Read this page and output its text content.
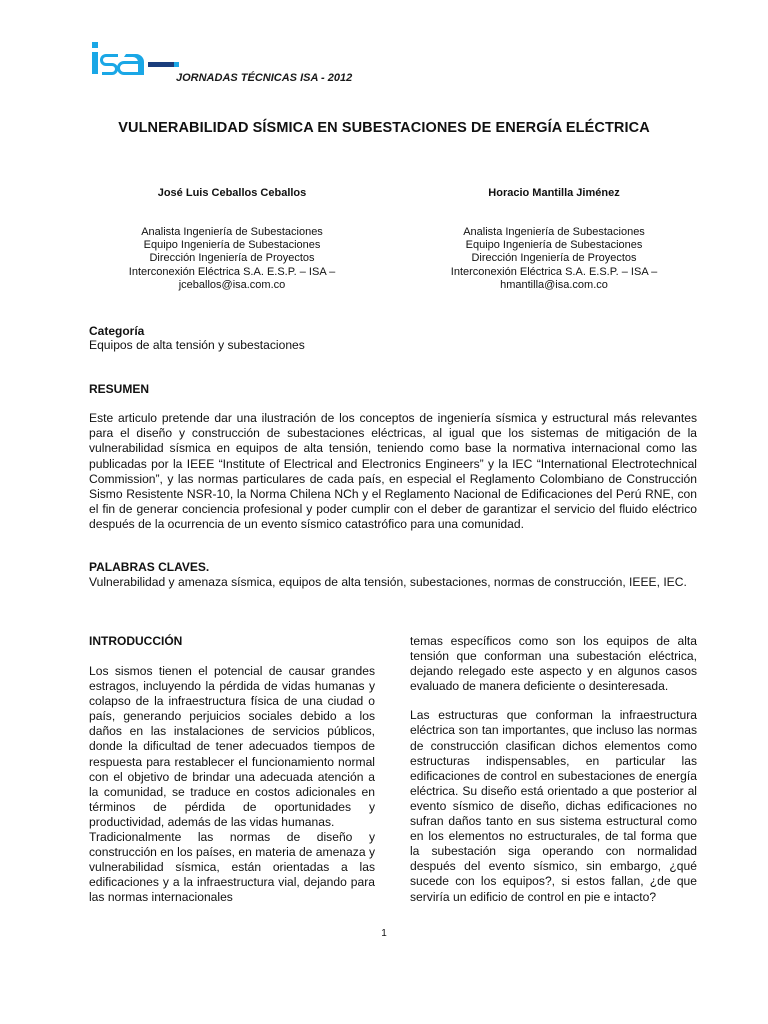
JORNADAS TÉCNICAS ISA - 2012
VULNERABILIDAD SÍSMICA EN SUBESTACIONES DE ENERGÍA ELÉCTRICA
José Luis Ceballos Ceballos
Analista Ingeniería de Subestaciones
Equipo Ingeniería de Subestaciones
Dirección Ingeniería de Proyectos
Interconexión Eléctrica S.A. E.S.P. – ISA –
jceballos@isa.com.co
Horacio Mantilla Jiménez
Analista Ingeniería de Subestaciones
Equipo Ingeniería de Subestaciones
Dirección Ingeniería de Proyectos
Interconexión Eléctrica S.A. E.S.P. – ISA –
hmantilla@isa.com.co
Categoría
Equipos de alta tensión y subestaciones
RESUMEN
Este articulo pretende dar una ilustración de los conceptos de ingeniería sísmica y estructural más relevantes para el diseño y construcción de subestaciones eléctricas, al igual que los sistemas de mitigación de la vulnerabilidad sísmica en equipos de alta tensión, teniendo como base la normativa internacional como las publicadas por la IEEE “Institute of Electrical and Electronics Engineers” y la IEC “International Electrotechnical Commission”, y las normas particulares de cada país, en especial el Reglamento Colombiano de Construcción Sismo Resistente NSR-10, la Norma Chilena NCh y el Reglamento Nacional de Edificaciones del Perú RNE, con el fin de generar conciencia profesional y poder cumplir con el deber de garantizar el servicio del fluido eléctrico después de la ocurrencia de un evento sísmico catastrófico para una comunidad.
PALABRAS CLAVES.
Vulnerabilidad y amenaza sísmica, equipos de alta tensión, subestaciones, normas de construcción, IEEE, IEC.
INTRODUCCIÓN

Los sismos tienen el potencial de causar grandes estragos, incluyendo la pérdida de vidas humanas y colapso de la infraestructura física de una ciudad o país, generando perjuicios sociales debido a los daños en las instalaciones de servicios públicos, donde la dificultad de tener adecuados tiempos de respuesta para restablecer el funcionamiento normal con el objetivo de brindar una adecuada atención a la comunidad, se traduce en costos adicionales en términos de pérdida de oportunidades y productividad, además de las vidas humanas.

Tradicionalmente las normas de diseño y construcción en los países, en materia de amenaza y vulnerabilidad sísmica, están orientadas a las edificaciones y a la infraestructura vial, dejando para las normas internacionales

temas específicos como son los equipos de alta tensión que conforman una subestación eléctrica, dejando relegado este aspecto y en algunos casos evaluado de manera deficiente o desinteresada.

Las estructuras que conforman la infraestructura eléctrica son tan importantes, que incluso las normas de construcción clasifican dichos elementos como estructuras indispensables, en particular las edificaciones de control en subestaciones de energía eléctrica. Su diseño está orientado a que posterior al evento sísmico de diseño, dichas edificaciones no sufran daños tanto en sus sistema estructural como en los elementos no estructurales, de tal forma que la subestación siga operando con normalidad después del evento sísmico, sin embargo, ¿qué sucede con los equipos?, si estos fallan, ¿de que serviría un edificio de control en pie e intacto?

1
